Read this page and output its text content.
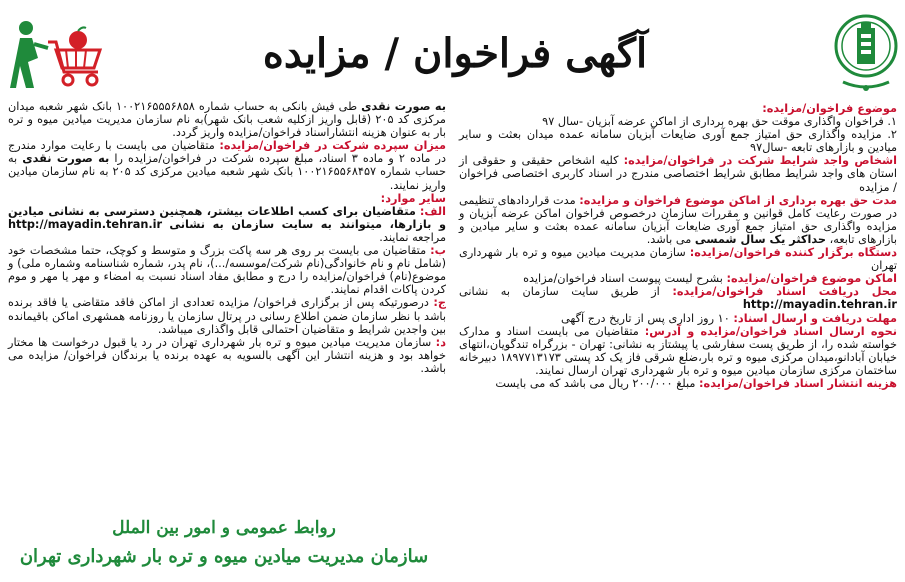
آگهی فراخوان / مزایده

موضوع فراخوان/مزایده:

۱. فراخوان واگذاری موقت حق بهره برداری از اماکن عرضه آبزیان -سال ۹۷

۲. مزایده واگذاری حق امتیاز جمع آوری ضایعات آبزیان سامانه عمده میدان بعثت و سایر میادین و بازارهای تابعه -سال۹۷

اشخاص واجد شرایط شرکت در فراخوان/مزایده: کلیه اشخاص حقیقی و حقوقی از استان های واجد شرایط مطابق شرایط اختصاصی مندرج در اسناد کاربری اختصاصی فراخوان / مزایده

مدت حق بهره برداری از اماکن موضوع فراخوان و مزایده: مدت قراردادهای تنظیمی در صورت رعایت کامل قوانین و مقررات سازمان درخصوص فراخوان اماکن عرضه آبزیان و مزایده واگذاری حق امتیاز جمع آوری ضایعات آبزیان سامانه عمده بعثت و سایر میادین و بازارهای تابعه، حداکثر یک سال شمسی می باشد.

دستگاه برگزار کننده فراخوان/مزایده: سازمان مدیریت میادین میوه و تره بار شهرداری تهران

اماکن موضوع فراخوان/مزایده: بشرح لیست پیوست اسناد فراخوان/مزایده

محل دریافت اسناد فراخوان/مزایده: از طریق سایت سازمان به نشانی http://mayadin.tehran.ir

مهلت دریافت و ارسال اسناد: ۱۰ روز اداری پس از تاریخ درج آگهی

نحوه ارسال اسناد فراخوان/مزایده و آدرس: متقاضیان می بایست اسناد و مدارک خواسته شده را، از طریق پست سفارشی یا پیشتاز به نشانی: تهران - بزرگراه تندگویان،انتهای خیابان آبادانو،میدان مرکزی میوه و تره بار،ضلع شرقی فاز یک کد پستی ۱۸۹۷۷۱۳۱۷۳ دبیرخانه ساختمان مرکزی سازمان میادین میوه و تره بار شهرداری تهران ارسال نمایند.

هزینه انتشار اسناد فراخوان/مزایده: مبلغ ۲۰۰/۰۰۰ ریال می باشد که می بایست

به صورت نقدی طی فیش بانکی به حساب شماره ۱۰۰۲۱۶۵۵۵۶۸۵۸ بانک شهر شعبه میدان مرکزی کد ۲۰۵ (قابل واریز ازکلیه شعب بانک شهر)به نام سازمان مدیریت میادین میوه و تره بار به عنوان هزینه انتشاراسناد فراخوان/مزایده واریز گردد.

میزان سپرده شرکت در فراخوان/مزایده: متقاضیان می بایست با رعایت موارد مندرج در ماده ۲ و ماده ۳ اسناد، مبلغ سپرده شرکت در فراخوان/مزایده را به صورت نقدی به حساب شماره ۱۰۰۲۱۶۵۵۶۸۴۵۷ بانک شهر شعبه میادین مرکزی کد ۲۰۵ به نام سازمان میادین واریز نمایند.

سایر موارد:

الف: متقاضیان برای کسب اطلاعات بیشتر، همچنین دسترسی به نشانی میادین و بازارها، میتوانند به سایت سازمان به نشانی http://mayadin.tehran.ir مراجعه نمایند.

ب: متقاضیان می بایست بر روی هر سه پاکت بزرگ و متوسط و کوچک، حتما مشخصات خود (شامل نام و نام خانوادگی(نام شرکت/موسسه/...)، نام پدر، شماره شناسنامه وشماره ملی) و موضوع(نام) فراخوان/مزایده را درج و مطابق مفاد اسناد نسبت به امضاء و مهر یا مهر و موم کردن پاکات اقدام نمایند.

ج: درصورتیکه پس از برگزاری فراخوان/ مزایده تعدادی از اماکن فاقد متقاضی یا فاقد برنده باشد با نظر سازمان ضمن اطلاع رسانی در پرتال سازمان یا روزنامه همشهری اماکن باقیمانده بین واجدین شرایط و متقاضیان احتمالی قابل واگذاری میباشد.

د: سازمان مدیریت میادین میوه و تره بار شهرداری تهران در رد یا قبول درخواست ها مختار خواهد بود و هزینه انتشار این آگهی بالسویه به عهده برنده یا برندگان فراخوان/ مزایده می باشد.

روابط عمومی و امور بین الملل
سازمان مدیریت میادین میوه و تره بار شهرداری تهران
